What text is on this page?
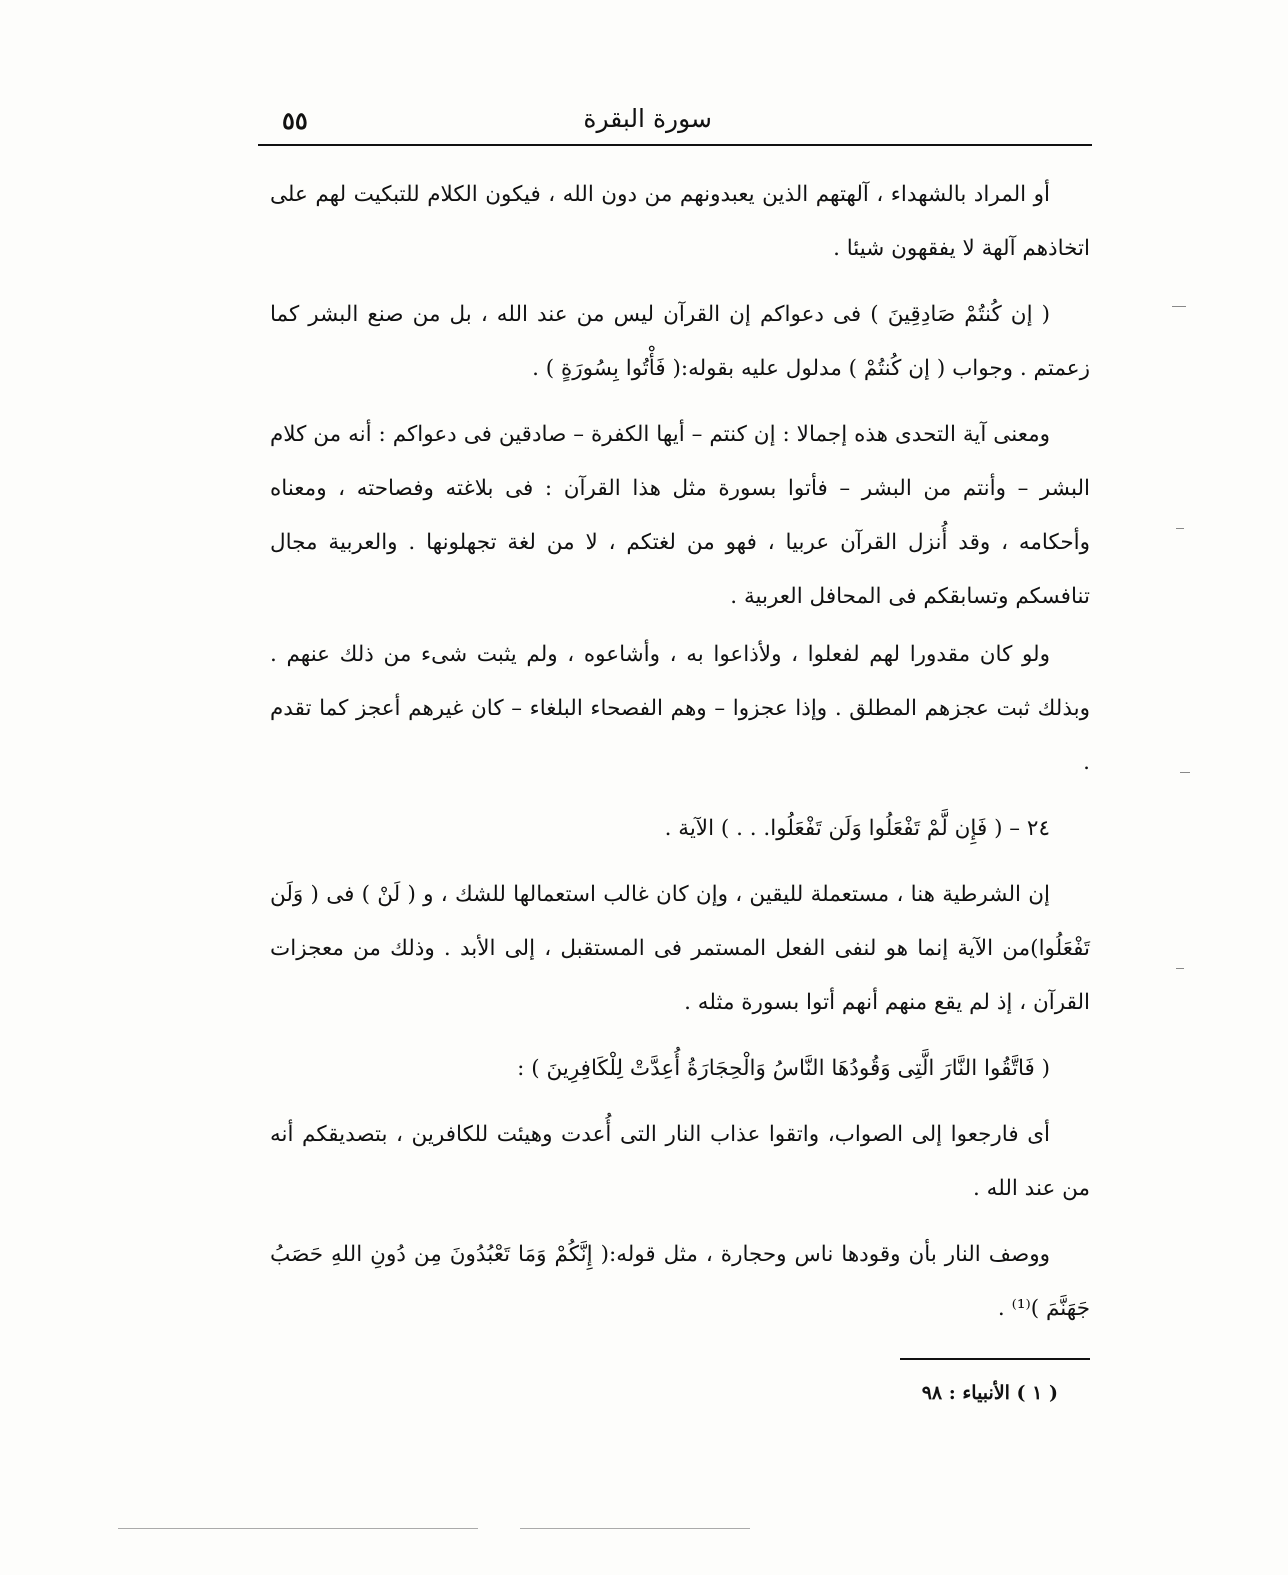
سورة البقرة
٥٥

أو المراد بالشهداء ، آلهتهم الذين يعبدونهم من دون الله ، فيكون الكلام للتبكيت لهم على اتخاذهم آلهة لا يفقهون شيئا .

( إن كُنتُمْ صَادِقِينَ ) فى دعواكم إن القرآن ليس من عند الله ، بل من صنع البشر كما زعمتم . وجواب ( إن كُنتُمْ ) مدلول عليه بقوله:( فَأْتُوا بِسُورَةٍ ) .

ومعنى آية التحدى هذه إجمالا : إن كنتم – أيها الكفرة – صادقين فى دعواكم : أنه من كلام البشر – وأنتم من البشر – فأتوا بسورة مثل هذا القرآن : فى بلاغته وفصاحته ، ومعناه وأحكامه ، وقد أُنزل القرآن عربيا ، فهو من لغتكم ، لا من لغة تجهلونها . والعربية مجال تنافسكم وتسابقكم فى المحافل العربية .

ولو كان مقدورا لهم لفعلوا ، ولأذاعوا به ، وأشاعوه ، ولم يثبت شىء من ذلك عنهم . وبذلك ثبت عجزهم المطلق . وإذا عجزوا – وهم الفصحاء البلغاء – كان غيرهم أعجز كما تقدم .

٢٤ – ( فَإِن لَّمْ تَفْعَلُوا وَلَن تَفْعَلُوا. . . ) الآية .

إن الشرطية هنا ، مستعملة لليقين ، وإن كان غالب استعمالها للشك ، و ( لَنْ ) فى ( وَلَن تَفْعَلُوا)من الآية إنما هو لنفى الفعل المستمر فى المستقبل ، إلى الأبد . وذلك من معجزات القرآن ، إذ لم يقع منهم أنهم أتوا بسورة مثله .

( فَاتَّقُوا النَّارَ الَّتِى وَقُودُهَا النَّاسُ وَالْحِجَارَةُ أُعِدَّتْ لِلْكَافِرِينَ ) :

أى فارجعوا إلى الصواب، واتقوا عذاب النار التى أُعدت وهيئت للكافرين ، بتصديقكم أنه من عند الله .

ووصف النار بأن وقودها ناس وحجارة ، مثل قوله:( إِنَّكُمْ وَمَا تَعْبُدُونَ مِن دُونِ اللهِ حَصَبُ جَهَنَّمَ )⁽¹⁾ .

( ١ ) الأنبياء : ٩٨
